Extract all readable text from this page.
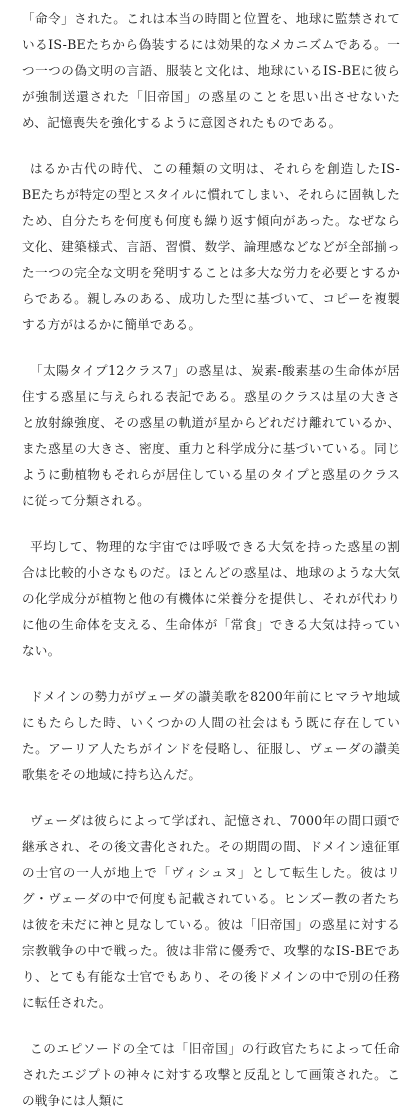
「命令」された。これは本当の時間と位置を、地球に監禁されているIS-BEたちから偽装するには効果的なメカニズムである。一つ一つの偽文明の言語、服装と文化は、地球にいるIS-BEに彼らが強制送還された「旧帝国」の惑星のことを思い出させないため、記憶喪失を強化するように意図されたものである。

はるか古代の時代、この種類の文明は、それらを創造したIS-BEたちが特定の型とスタイルに慣れてしまい、それらに固執したため、自分たちを何度も何度も繰り返す傾向があった。なぜなら文化、建築様式、言語、習慣、数学、論理感などなどが全部揃った一つの完全な文明を発明することは多大な労力を必要とするからである。親しみのある、成功した型に基づいて、コピーを複製する方がはるかに簡単である。

「太陽タイプ12クラス7」の惑星は、炭素-酸素基の生命体が居住する惑星に与えられる表記である。惑星のクラスは星の大きさと放射線強度、その惑星の軌道が星からどれだけ離れているか、また惑星の大きさ、密度、重力と科学成分に基づいている。同じように動植物もそれらが居住している星のタイプと惑星のクラスに従って分類される。

平均して、物理的な宇宙では呼吸できる大気を持った惑星の割合は比較的小さなものだ。ほとんどの惑星は、地球のような大気の化学成分が植物と他の有機体に栄養分を提供し、それが代わりに他の生命体を支える、生命体が「常食」できる大気は持っていない。

ドメインの勢力がヴェーダの讃美歌を8200年前にヒマラヤ地域にもたらした時、いくつかの人間の社会はもう既に存在していた。アーリア人たちがインドを侵略し、征服し、ヴェーダの讃美歌集をその地域に持ち込んだ。

ヴェーダは彼らによって学ばれ、記憶され、7000年の間口頭で継承され、その後文書化された。その期間の間、ドメイン遠征軍の士官の一人が地上で「ヴィシュヌ」として転生した。彼はリグ・ヴェーダの中で何度も記載されている。ヒンズー教の者たちは彼を未だに神と見なしている。彼は「旧帝国」の惑星に対する宗教戦争の中で戦った。彼は非常に優秀で、攻撃的なIS-BEであり、とても有能な士官でもあり、その後ドメインの中で別の任務に転任された。

このエピソードの全ては「旧帝国」の行政官たちによって任命されたエジプトの神々に対する攻撃と反乱として画策された。この戦争には人類に
